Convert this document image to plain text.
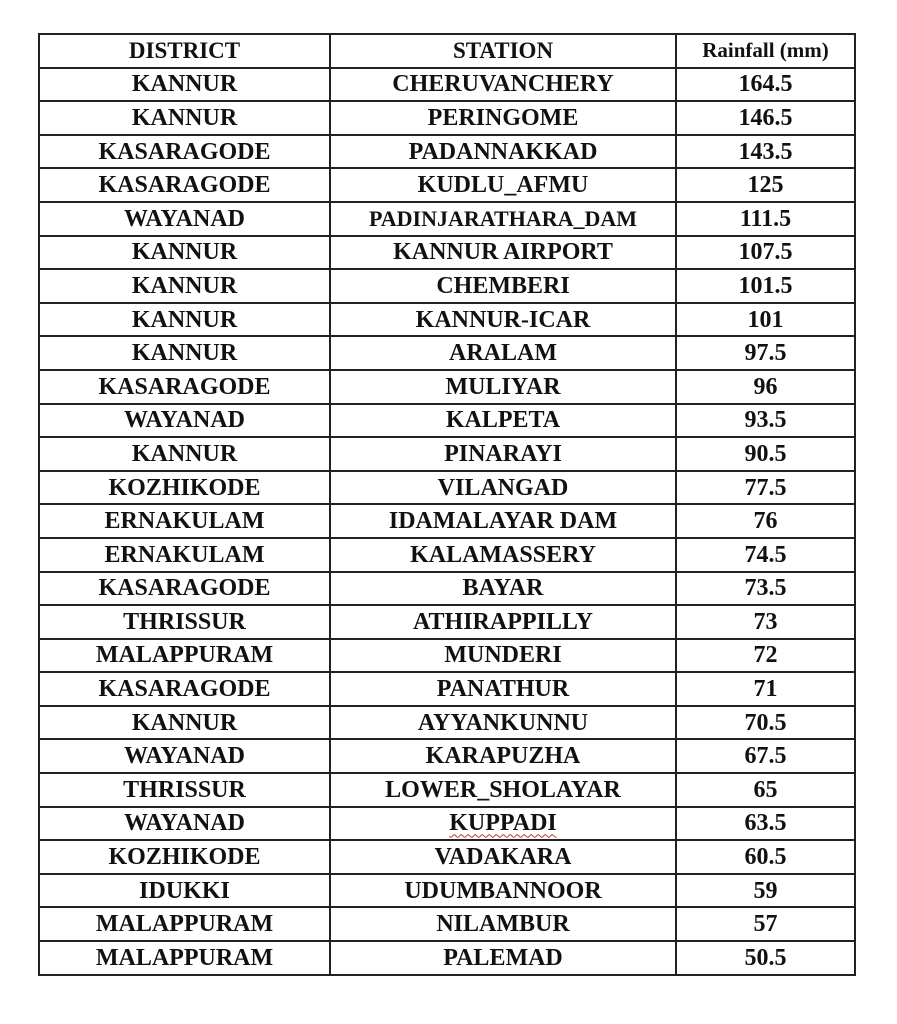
DISTRICT	STATION	Rainfall (mm)
KANNUR	CHERUVANCHERY	164.5
KANNUR	PERINGOME	146.5
KASARAGODE	PADANNAKKAD	143.5
KASARAGODE	KUDLU_AFMU	125
WAYANAD	PADINJARATHARA_DAM	111.5
KANNUR	KANNUR AIRPORT	107.5
KANNUR	CHEMBERI	101.5
KANNUR	KANNUR-ICAR	101
KANNUR	ARALAM	97.5
KASARAGODE	MULIYAR	96
WAYANAD	KALPETA	93.5
KANNUR	PINARAYI	90.5
KOZHIKODE	VILANGAD	77.5
ERNAKULAM	IDAMALAYAR DAM	76
ERNAKULAM	KALAMASSERY	74.5
KASARAGODE	BAYAR	73.5
THRISSUR	ATHIRAPPILLY	73
MALAPPURAM	MUNDERI	72
KASARAGODE	PANATHUR	71
KANNUR	AYYANKUNNU	70.5
WAYANAD	KARAPUZHA	67.5
THRISSUR	LOWER_SHOLAYAR	65
WAYANAD	KUPPADI	63.5
KOZHIKODE	VADAKARA	60.5
IDUKKI	UDUMBANNOOR	59
MALAPPURAM	NILAMBUR	57
MALAPPURAM	PALEMAD	50.5
